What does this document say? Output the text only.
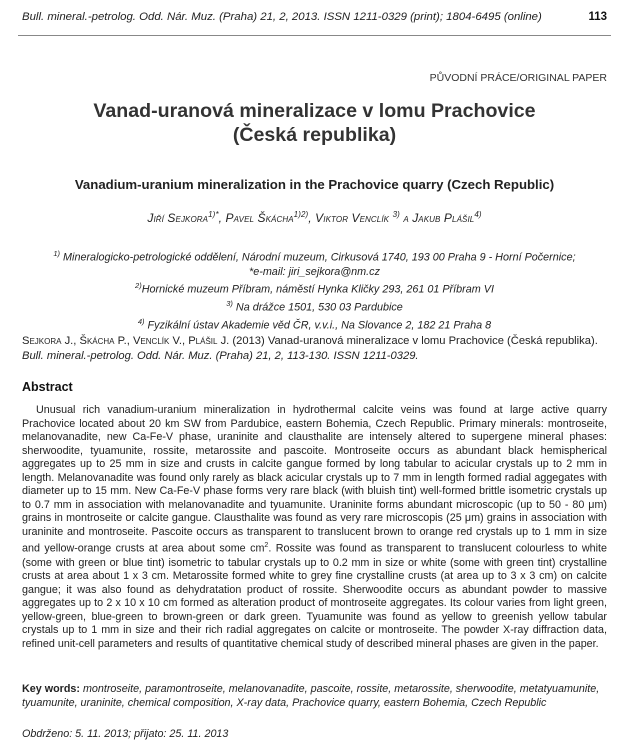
Bull. mineral.-petrolog. Odd. Nár. Muz. (Praha) 21, 2, 2013. ISSN 1211-0329 (print); 1804-6495 (online)	113
PŮVODNÍ PRÁCE/ORIGINAL PAPER
Vanad-uranová mineralizace v lomu Prachovice
(Česká republika)
Vanadium-uranium mineralization in the Prachovice quarry (Czech Republic)
Jiří Sejkora$^{1)*}$, Pavel Škácha$^{1)2)}$, Viktor Venclík $^{3)}$ a Jakub Plášil$^{4)}$
$^{1)}$ Mineralogicko-petrologické oddělení, Národní muzeum, Cirkusová 1740, 193 00 Praha 9 - Horní Počernice;
*e-mail: jiri_sejkora@nm.cz
$^{2)}$Hornické muzeum Příbram, náměstí Hynka Kličky 293, 261 01 Příbram VI
$^{3)}$ Na drážce 1501, 530 03 Pardubice
$^{4)}$ Fyzikální ústav Akademie věd ČR, v.v.i., Na Slovance 2, 182 21 Praha 8
Sejkora J., Škácha P., Venclík V., Plášil J. (2013) Vanad-uranová mineralizace v lomu Prachovice (Česká republika). Bull. mineral.-petrolog. Odd. Nár. Muz. (Praha) 21, 2, 113-130. ISSN 1211-0329.
Abstract

Unusual rich vanadium-uranium mineralization in hydrothermal calcite veins was found at large active quarry Prachovice located about 20 km SW from Pardubice, eastern Bohemia, Czech Republic. Primary minerals: montroseite, melanovanadite, new Ca-Fe-V phase, uraninite and clausthalite are intensely altered to supergene mineral phases: sherwoodite, tyuamunite, rossite, metarossite and pascoite. Montroseite occurs as abundant black hemispherical aggregates up to 25 mm in size and crusts in calcite gangue formed by long tabular to acicular crystals up to 2 mm in length. Melanovanadite was found only rarely as black acicular crystals up to 7 mm in length formed radial aggegates with diameter up to 15 mm. New Ca-Fe-V phase forms very rare black (with bluish tint) well-formed brittle isometric crystals up to 0.7 mm in association with melanovanadite and tyuamunite. Uraninite forms abundant microscopic (up to 50 - 80 μm) grains in montroseite or calcite gangue. Clausthalite was found as very rare microscopis (25 μm) grains in association with uraninite and montroseite. Pascoite occurs as transparent to translucent brown to orange red crystals up to 1 mm in size and yellow-orange crusts at area about some $cm^2$. Rossite was found as transparent to translucent colourless to white (some with green or blue tint) isometric to tabular crystals up to 0.2 mm in size or white (some with green tint) crystalline crusts at area about 1 x 3 cm. Metarossite formed white to grey fine crystalline crusts (at area up to 3 x 3 cm) on calcite gangue; it was also found as dehydratation product of rossite. Sherwoodite occurs as abundant powder to massive aggregates up to 2 x 10 x 10 cm formed as alteration product of montroseite aggregates. Its colour varies from light green, yellow-green, blue-green to brown-green or dark green. Tyuamunite was found as yellow to greenish yellow tabular crystals up to 1 mm in size and their rich radial aggregates on calcite or montroseite. The powder X-ray diffraction data, refined unit-cell parameters and results of quantitative chemical study of described mineral phases are given in the paper.

Key words: montroseite, paramontroseite, melanovanadite, pascoite, rossite, metarossite, sherwoodite, metatyuamunite, tyuamunite, uraninite, chemical composition, X-ray data, Prachovice quarry, eastern Bohemia, Czech Republic
Obdrženo: 5. 11. 2013; přijato: 25. 11. 2013
